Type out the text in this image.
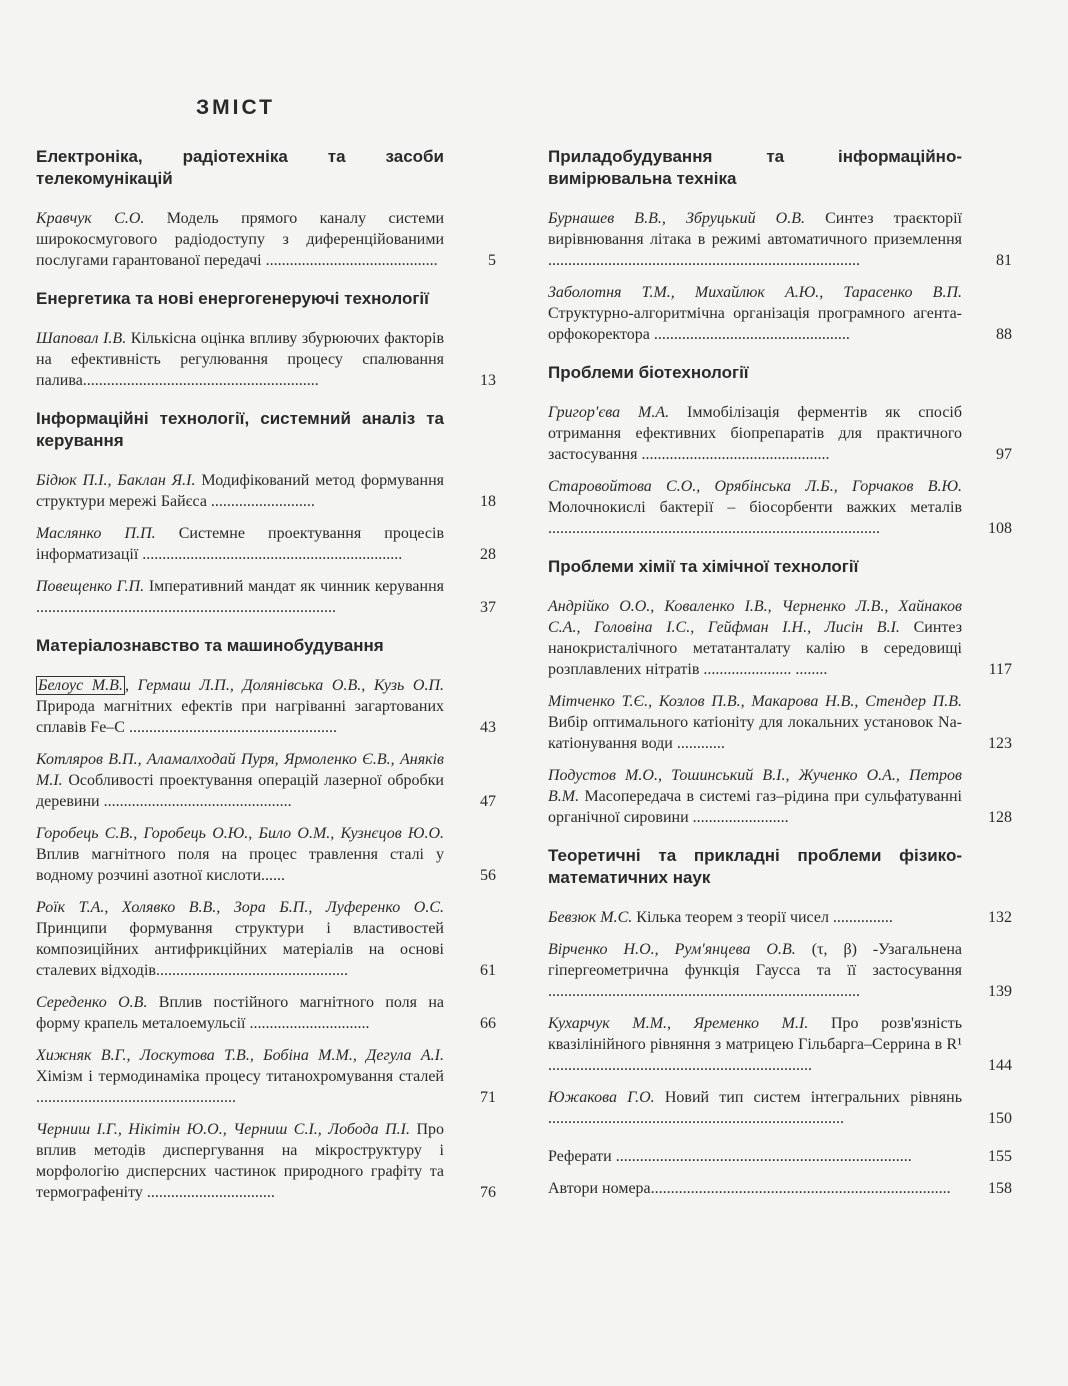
ЗМІСТ
Електроніка, радіотехніка та засоби телекомунікацій
Кравчук С.О. Модель прямого каналу системи широкосмугового радіодоступу з диференційованими послугами гарантованої передачі ...........................................	5
Енергетика та нові енергогенеруючі технології
Шаповал І.В. Кількісна оцінка впливу збурюючих факторів на ефективність регулювання процесу спалювання палива...........................................................	13
Інформаційні технології, системний аналіз та керування
Бідюк П.І., Баклан Я.І. Модифікований метод формування структури мережі Байєса ..........................	18
Маслянко П.П. Системне проектування процесів інформатизації .................................................................	28
Повещенко Г.П. Імперативний мандат як чинник керування ...........................................................................	37
Матеріалознавство та машинобудування
Белоус М.В. , Гермаш Л.П., Долянівська О.В., Кузь О.П. Природа магнітних ефектів при нагріванні загартованих сплавів Fe–C ....................................................	43
Котляров В.П., Аламалходай Пуря, Ярмоленко Є.В., Аняків М.І. Особливості проектування операцій лазерної обробки деревини ...............................................	47
Горобець С.В., Горобець О.Ю., Било О.М., Кузнєцов Ю.О. Вплив магнітного поля на процес травлення сталі у водному розчині азотної кислоти......	56
Роїк Т.А., Холявко В.В., Зора Б.П., Луференко О.С. Принципи формування структури і властивостей композиційних антифрикційних матеріалів на основі сталевих відходів................................................	61
Середенко О.В. Вплив постійного магнітного поля на форму крапель металоемульсії ..............................	66
Хижняк В.Г., Лоскутова Т.В., Бобіна М.М., Дегула А.І. Хімізм і термодинаміка процесу титанохромування сталей ..................................................	71
Черниш І.Г., Нікітін Ю.О., Черниш С.І., Лобода П.І. Про вплив методів диспергування на мікроструктуру і морфологію дисперсних частинок природного графіту та термографеніту ................................	76
Приладобудування та інформаційно-вимірювальна техніка
Бурнашев В.В., Збруцький О.В. Синтез траєкторії вирівнювання літака в режимі автоматичного приземлення ..............................................................................	81
Заболотня Т.М., Михайлюк А.Ю., Тарасенко В.П. Структурно-алгоритмічна організація програмного агента-орфокоректора .................................................	88
Проблеми біотехнології
Григор'єва М.А. Іммобілізація ферментів як спосіб отримання ефективних біопрепаратів для практичного застосування ...............................................	97
Старовойтова С.О., Орябінська Л.Б., Горчаков В.Ю. Молочнокислі бактерії – біосорбенти важких металів ...................................................................................	108
Проблеми хімії та хімічної технології
Андрійко О.О., Коваленко І.В., Черненко Л.В., Хайнаков С.А., Головіна І.С., Гейфман І.Н., Лисін В.І. Синтез нанокристалічного метатанталату калію в середовищі розплавлених нітратів ...................... ........	117
Мітченко Т.Є., Козлов П.В., Макарова Н.В., Стендер П.В. Вибір оптимального катіоніту для локальних установок Na-катіонування води ............	123
Подустов М.О., Тошинський В.І., Жученко О.А., Петров В.М. Масопередача в системі газ–рідина при сульфатуванні органічної сировини ........................	128
Теоретичні та прикладні проблеми фізико-математичних наук
Бевзюк М.С. Кілька теорем з теорії чисел ...............	132
Вірченко Н.О., Рум'янцева О.В. (τ, β) -Узагальнена гіпергеометрична функція Гаусса та її застосування ..............................................................................	139
Кухарчук М.М., Яременко М.І. Про розв'язність квазілінійного рівняння з матрицею Гільбарга–Серрина в R¹ ..................................................................	144
Южакова Г.О. Новий тип систем інтегральних рівнянь ..........................................................................	150
Реферати ..........................................................................	155
Автори номера...........................................................................	158
